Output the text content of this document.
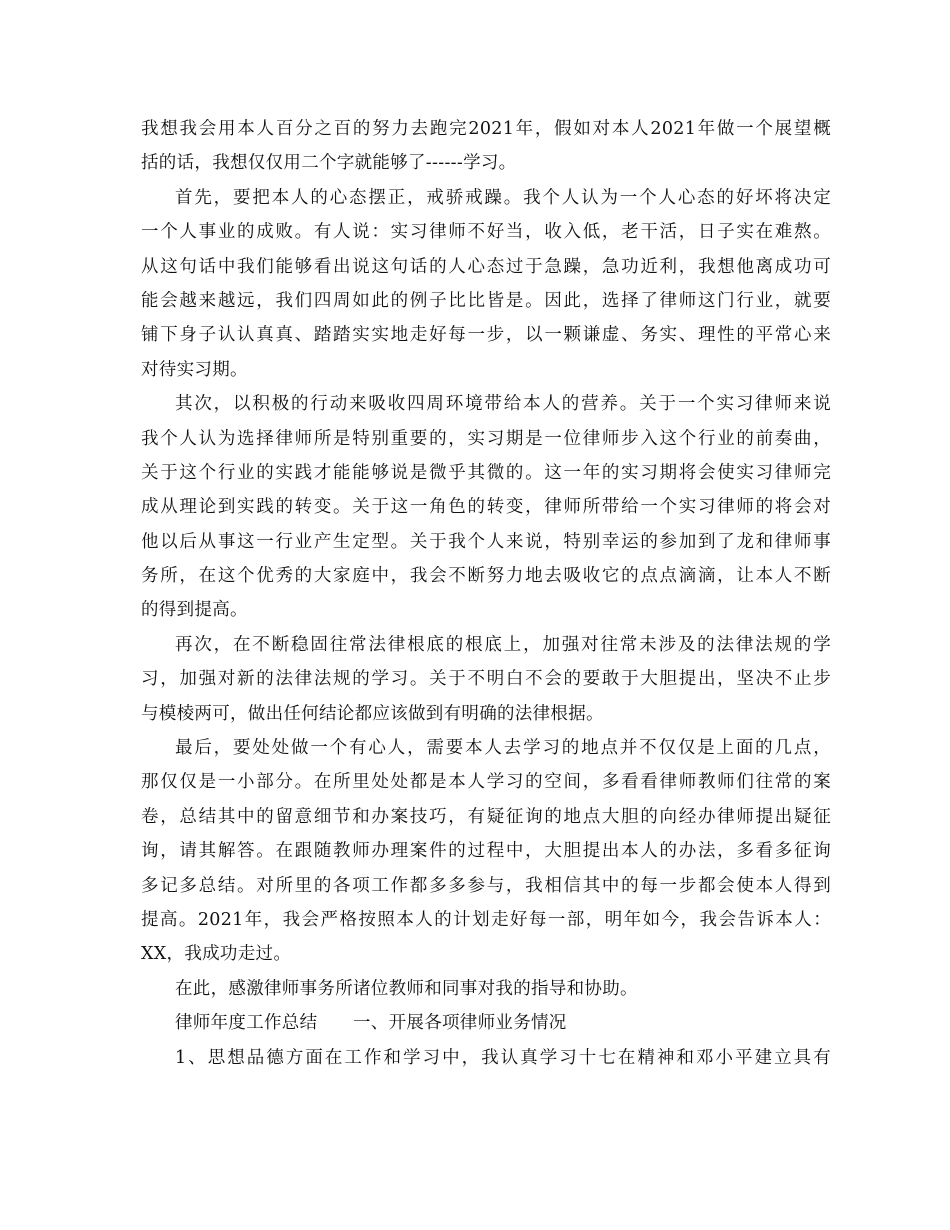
我想我会用本人百分之百的努力去跑完2021年，假如对本人2021年做一个展望概
括的话，我想仅仅用二个字就能够了------学习。
首先，要把本人的心态摆正，戒骄戒躁。我个人认为一个人心态的好坏将决定
一个人事业的成败。有人说：实习律师不好当，收入低，老干活，日子实在难熬。
从这句话中我们能够看出说这句话的人心态过于急躁，急功近利，我想他离成功可
能会越来越远，我们四周如此的例子比比皆是。因此，选择了律师这门行业，就要
铺下身子认认真真、踏踏实实地走好每一步，以一颗谦虚、务实、理性的平常心来
对待实习期。
其次，以积极的行动来吸收四周环境带给本人的营养。关于一个实习律师来说
我个人认为选择律师所是特别重要的，实习期是一位律师步入这个行业的前奏曲，
关于这个行业的实践才能能够说是微乎其微的。这一年的实习期将会使实习律师完
成从理论到实践的转变。关于这一角色的转变，律师所带给一个实习律师的将会对
他以后从事这一行业产生定型。关于我个人来说，特别幸运的参加到了龙和律师事
务所，在这个优秀的大家庭中，我会不断努力地去吸收它的点点滴滴，让本人不断
的得到提高。
再次，在不断稳固往常法律根底的根底上，加强对往常未涉及的法律法规的学
习，加强对新的法律法规的学习。关于不明白不会的要敢于大胆提出，坚决不止步
与模棱两可，做出任何结论都应该做到有明确的法律根据。
最后，要处处做一个有心人，需要本人去学习的地点并不仅仅是上面的几点，
那仅仅是一小部分。在所里处处都是本人学习的空间，多看看律师教师们往常的案
卷，总结其中的留意细节和办案技巧，有疑征询的地点大胆的向经办律师提出疑征
询，请其解答。在跟随教师办理案件的过程中，大胆提出本人的办法，多看多征询
多记多总结。对所里的各项工作都多多参与，我相信其中的每一步都会使本人得到
提高。2021年，我会严格按照本人的计划走好每一部，明年如今，我会告诉本人：
XX，我成功走过。
在此，感激律师事务所诸位教师和同事对我的指导和协助。
律师年度工作总结　　一、开展各项律师业务情况
1、思想品德方面在工作和学习中，我认真学习十七在精神和邓小平建立具有
